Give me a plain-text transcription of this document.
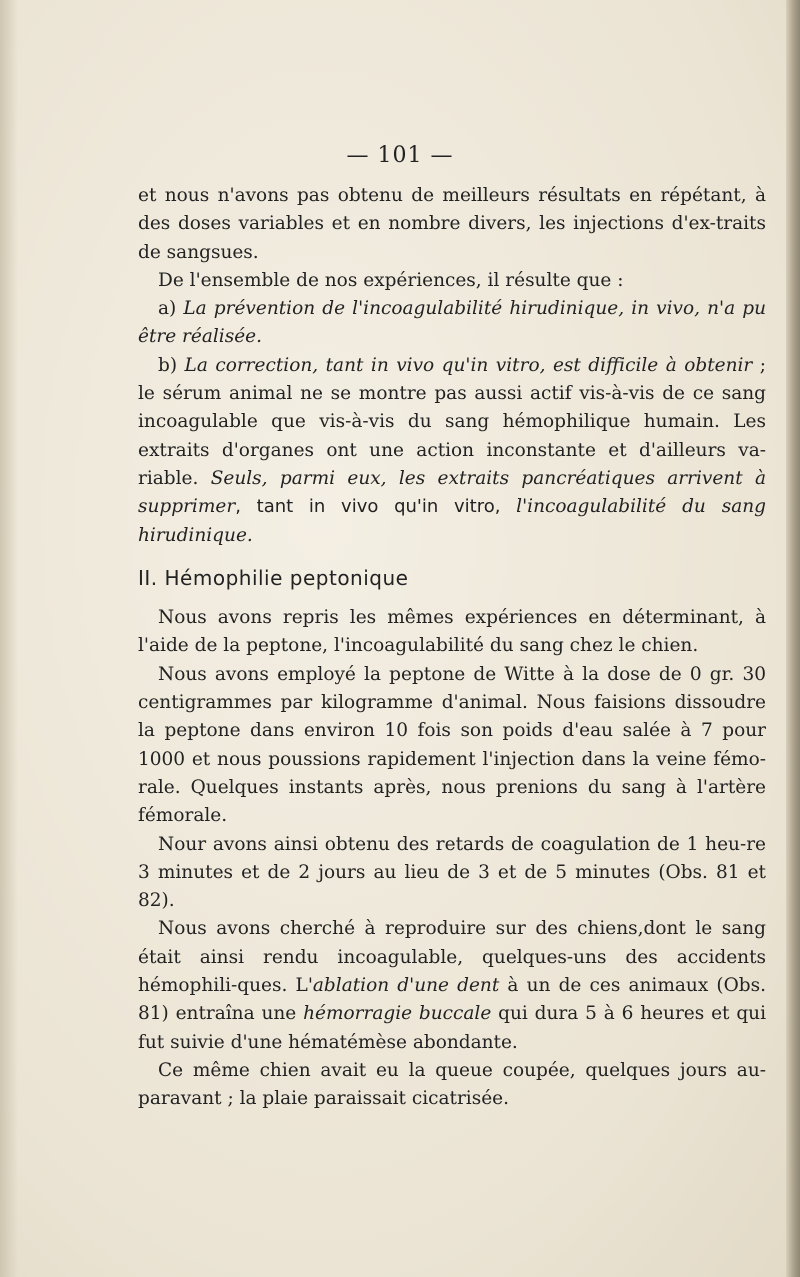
— 101 —

et nous n'avons pas obtenu de meilleurs résultats en répétant, à des doses variables et en nombre divers, les injections d'ex-traits de sangsues.

De l'ensemble de nos expériences, il résulte que :

a) La prévention de l'incoagulabilité hirudinique, in vivo, n'a pu être réalisée.

b) La correction, tant in vivo qu'in vitro, est difficile à obtenir ; le sérum animal ne se montre pas aussi actif vis-à-vis de ce sang incoagulable que vis-à-vis du sang hémophilique humain. Les extraits d'organes ont une action inconstante et d'ailleurs va-riable. Seuls, parmi eux, les extraits pancréatiques arrivent à supprimer, tant in vivo qu'in vitro, l'incoagulabilité du sang hirudinique.

II. Hémophilie peptonique

Nous avons repris les mêmes expériences en déterminant, à l'aide de la peptone, l'incoagulabilité du sang chez le chien.

Nous avons employé la peptone de Witte à la dose de 0 gr. 30 centigrammes par kilogramme d'animal. Nous faisions dissoudre la peptone dans environ 10 fois son poids d'eau salée à 7 pour 1000 et nous poussions rapidement l'injection dans la veine fémo-rale. Quelques instants après, nous prenions du sang à l'artère fémorale.

Nour avons ainsi obtenu des retards de coagulation de 1 heu-re 3 minutes et de 2 jours au lieu de 3 et de 5 minutes (Obs. 81 et 82).

Nous avons cherché à reproduire sur des chiens,dont le sang était ainsi rendu incoagulable, quelques-uns des accidents hémophili-ques. L'ablation d'une dent à un de ces animaux (Obs. 81) entraîna une hémorragie buccale qui dura 5 à 6 heures et qui fut suivie d'une hématémèse abondante.

Ce même chien avait eu la queue coupée, quelques jours au-paravant ; la plaie paraissait cicatrisée.
